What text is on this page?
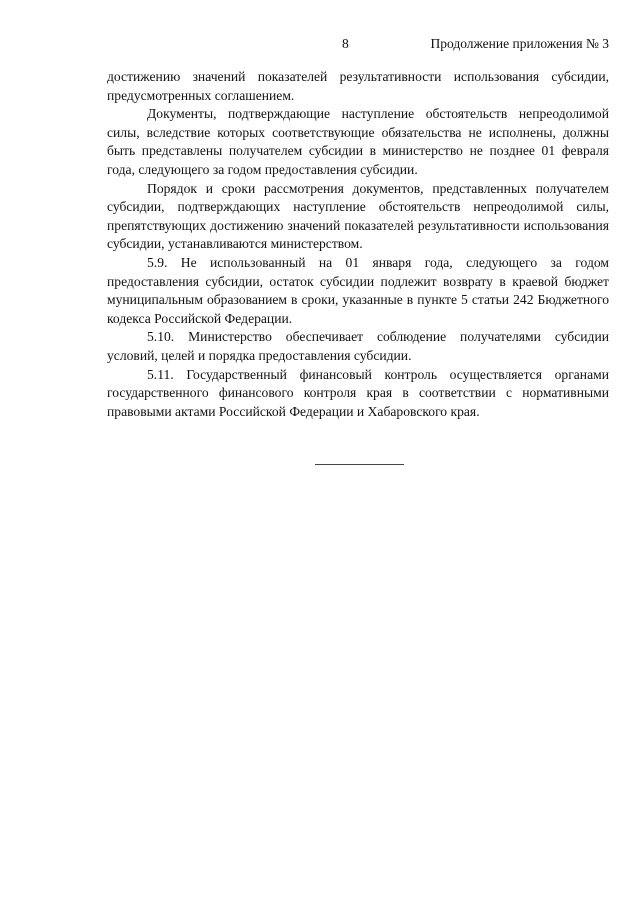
8	Продолжение приложения № 3

достижению значений показателей результативности использования субсидии, предусмотренных соглашением.

Документы, подтверждающие наступление обстоятельств непреодолимой силы, вследствие которых соответствующие обязательства не исполнены, должны быть представлены получателем субсидии в министерство не позднее 01 февраля года, следующего за годом предоставления субсидии.

Порядок и сроки рассмотрения документов, представленных получателем субсидии, подтверждающих наступление обстоятельств непреодолимой силы, препятствующих достижению значений показателей результативности использования субсидии, устанавливаются министерством.

5.9. Не использованный на 01 января года, следующего за годом предоставления субсидии, остаток субсидии подлежит возврату в краевой бюджет муниципальным образованием в сроки, указанные в пункте 5 статьи 242 Бюджетного кодекса Российской Федерации.

5.10. Министерство обеспечивает соблюдение получателями субсидии условий, целей и порядка предоставления субсидии.

5.11. Государственный финансовый контроль осуществляется органами государственного финансового контроля края в соответствии с нормативными правовыми актами Российской Федерации и Хабаровского края.
